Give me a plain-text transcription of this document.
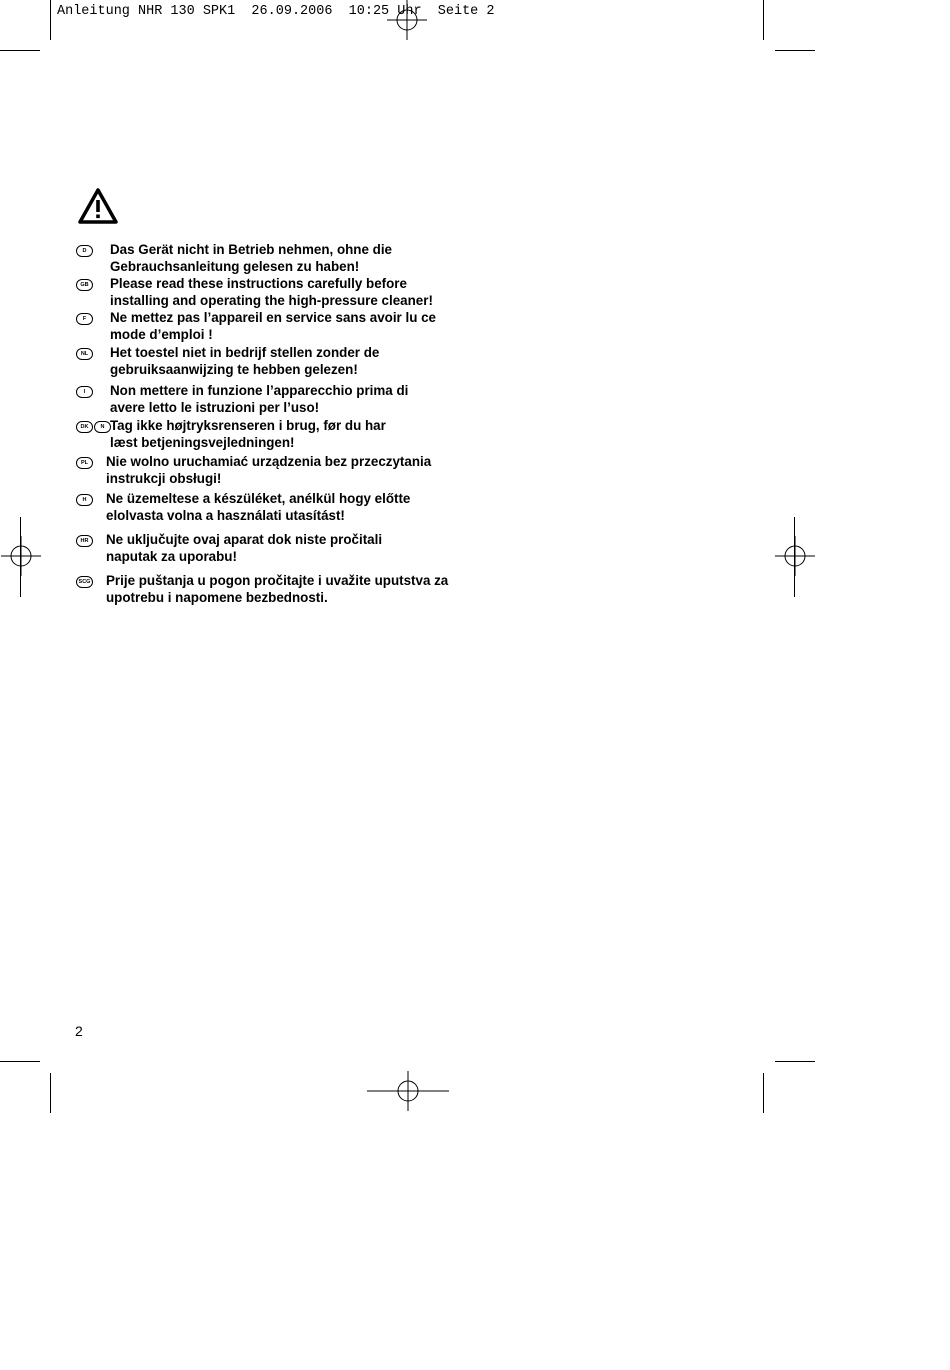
Anleitung NHR 130 SPK1  26.09.2006  10:25 Uhr  Seite 2
D	Das Gerät nicht in Betrieb nehmen, ohne die
Gebrauchsanleitung gelesen zu haben!
GB	Please read these instructions carefully before
installing and operating the high-pressure cleaner!
F	Ne mettez pas l’appareil en service sans avoir lu ce
mode d’emploi !
NL	Het toestel niet in bedrijf stellen zonder de
gebruiksaanwijzing te hebben gelezen!
I	Non mettere in funzione l’apparecchio prima di
avere letto le istruzioni per l’uso!
DK	N Tag ikke højtryksrenseren i brug, før du har
læst betjeningsvejledningen!
PL	Nie wolno uruchamiać urządzenia bez przeczytania
instrukcji obsługi!
H	Ne üzemeltese a készüléket, anélkül hogy előtte
elolvasta volna a használati utasítást!
HR	Ne uključujte ovaj aparat dok niste pročitali
naputak za uporabu!
SCG Prije puštanja u pogon pročitajte i uvažite uputstva za
upotrebu i napomene bezbednosti.
2
